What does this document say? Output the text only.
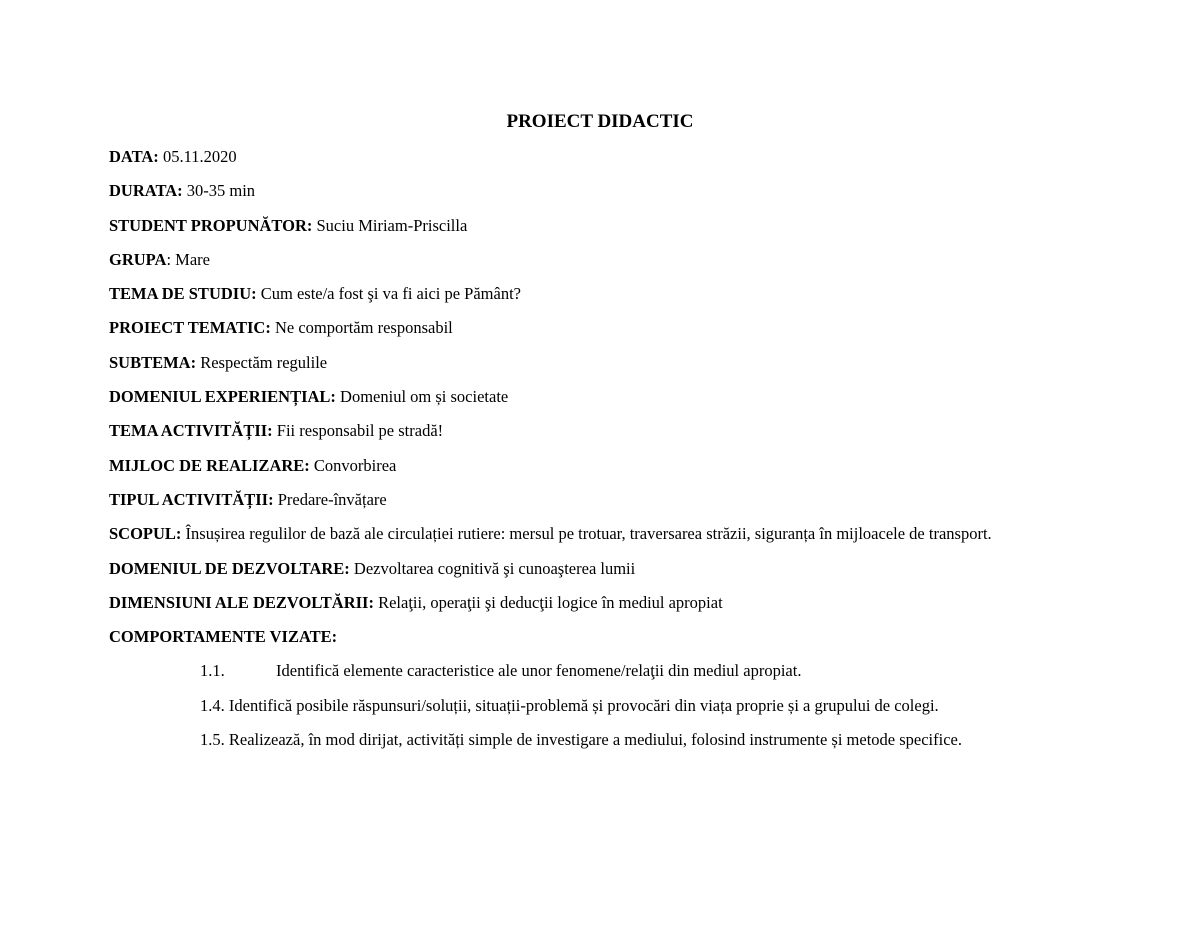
PROIECT DIDACTIC
DATA: 05.11.2020
DURATA: 30-35 min
STUDENT PROPUNĂTOR: Suciu Miriam-Priscilla
GRUPA: Mare
TEMA DE STUDIU: Cum este/a fost şi va fi aici pe Pământ?
PROIECT TEMATIC: Ne comportăm responsabil
SUBTEMA: Respectăm regulile
DOMENIUL EXPERIENȚIAL: Domeniul om și societate
TEMA ACTIVITĂȚII: Fii responsabil pe stradă!
MIJLOC DE REALIZARE: Convorbirea
TIPUL ACTIVITĂȚII: Predare-învățare
SCOPUL: Însușirea regulilor de bază ale circulației rutiere: mersul pe trotuar, traversarea străzii, siguranța în mijloacele de transport.
DOMENIUL DE DEZVOLTARE: Dezvoltarea cognitivă şi cunoaşterea lumii
DIMENSIUNI ALE DEZVOLTĂRII: Relaţii, operaţii şi deducţii logice în mediul apropiat
COMPORTAMENTE VIZATE:
1.1.	Identifică elemente caracteristice ale unor fenomene/relaţii din mediul apropiat.
1.4. Identifică posibile răspunsuri/soluții, situații-problemă și provocări din viața proprie și a grupului de colegi.
1.5. Realizează, în mod dirijat, activități simple de investigare a mediului, folosind instrumente și metode specifice.
